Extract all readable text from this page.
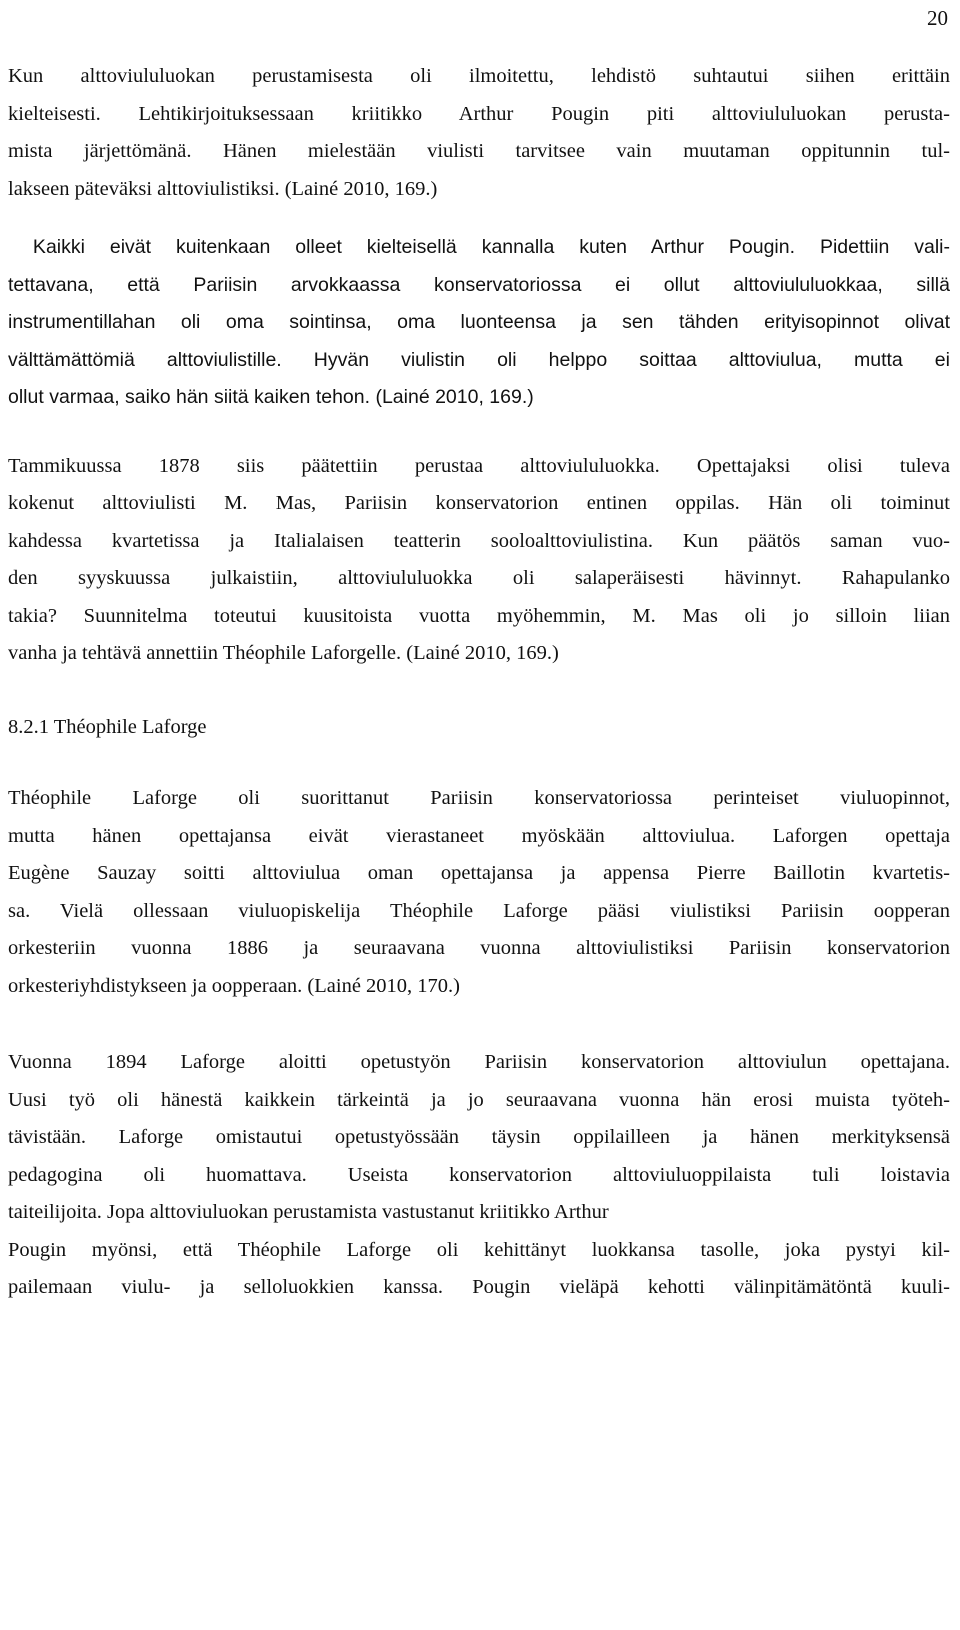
20

Kun alttoviululuokan perustamisesta oli ilmoitettu, lehdistö suhtautui siihen erittäin
kielteisesti. Lehtikirjoituksessaan kriitikko Arthur Pougin piti alttoviululuokan perusta-
mista järjettömänä. Hänen mielestään viulisti tarvitsee vain muutaman oppitunnin tul-
lakseen päteväksi alttoviulistiksi. (Lainé 2010, 169.)

Kaikki eivät kuitenkaan olleet kielteisellä kannalla kuten Arthur Pougin. Pidettiin vali-
tettavana, että Pariisin arvokkaassa konservatoriossa ei ollut alttoviululuokkaa, sillä
instrumentillahan oli oma sointinsa, oma luonteensa ja sen tähden erityisopinnot olivat
välttämättömiä alttoviulistille. Hyvän viulistin oli helppo soittaa alttoviulua, mutta ei
ollut varmaa, saiko hän siitä kaiken tehon. (Lainé 2010, 169.)

Tammikuussa 1878 siis päätettiin perustaa alttoviululuokka. Opettajaksi olisi tuleva
kokenut alttoviulisti M. Mas, Pariisin konservatorion entinen oppilas. Hän oli toiminut
kahdessa kvartetissa ja Italialaisen teatterin sooloalttoviulistina. Kun päätös saman vuo-
den syyskuussa julkaistiin, alttoviululuokka oli salaperäisesti hävinnyt. Rahapulanko
takia? Suunnitelma toteutui kuusitoista vuotta myöhemmin, M. Mas oli jo silloin liian
vanha ja tehtävä annettiin Théophile Laforgelle. (Lainé 2010, 169.)

8.2.1 Théophile Laforge

Théophile Laforge oli suorittanut Pariisin konservatoriossa perinteiset viuluopinnot,
mutta hänen opettajansa eivät vierastaneet myöskään alttoviulua. Laforgen opettaja
Eugène Sauzay soitti alttoviulua oman opettajansa ja appensa Pierre Baillotin kvartetis-
sa. Vielä ollessaan viuluopiskelija Théophile Laforge pääsi viulistiksi Pariisin oopperan
orkesteriin vuonna 1886 ja seuraavana vuonna alttoviulistiksi Pariisin konservatorion
orkesteriyhdistykseen ja oopperaan. (Lainé 2010, 170.)

Vuonna 1894 Laforge aloitti opetustyön Pariisin konservatorion alttoviulun opettajana.
Uusi työ oli hänestä kaikkein tärkeintä ja jo seuraavana vuonna hän erosi muista työteh-
tävistään. Laforge omistautui opetustyössään täysin oppilailleen ja hänen merkityksensä
pedagogina oli huomattava. Useista konservatorion alttoviuluoppilaista tuli loistavia
taiteilijoita. Jopa alttoviuluokan perustamista vastustanut kriitikko Arthur
Pougin myönsi, että Théophile Laforge oli kehittänyt luokkansa tasolle, joka pystyi kil-
pailemaan viulu- ja selloluokkien kanssa. Pougin vieläpä kehotti välinpitämätöntä kuuli-
